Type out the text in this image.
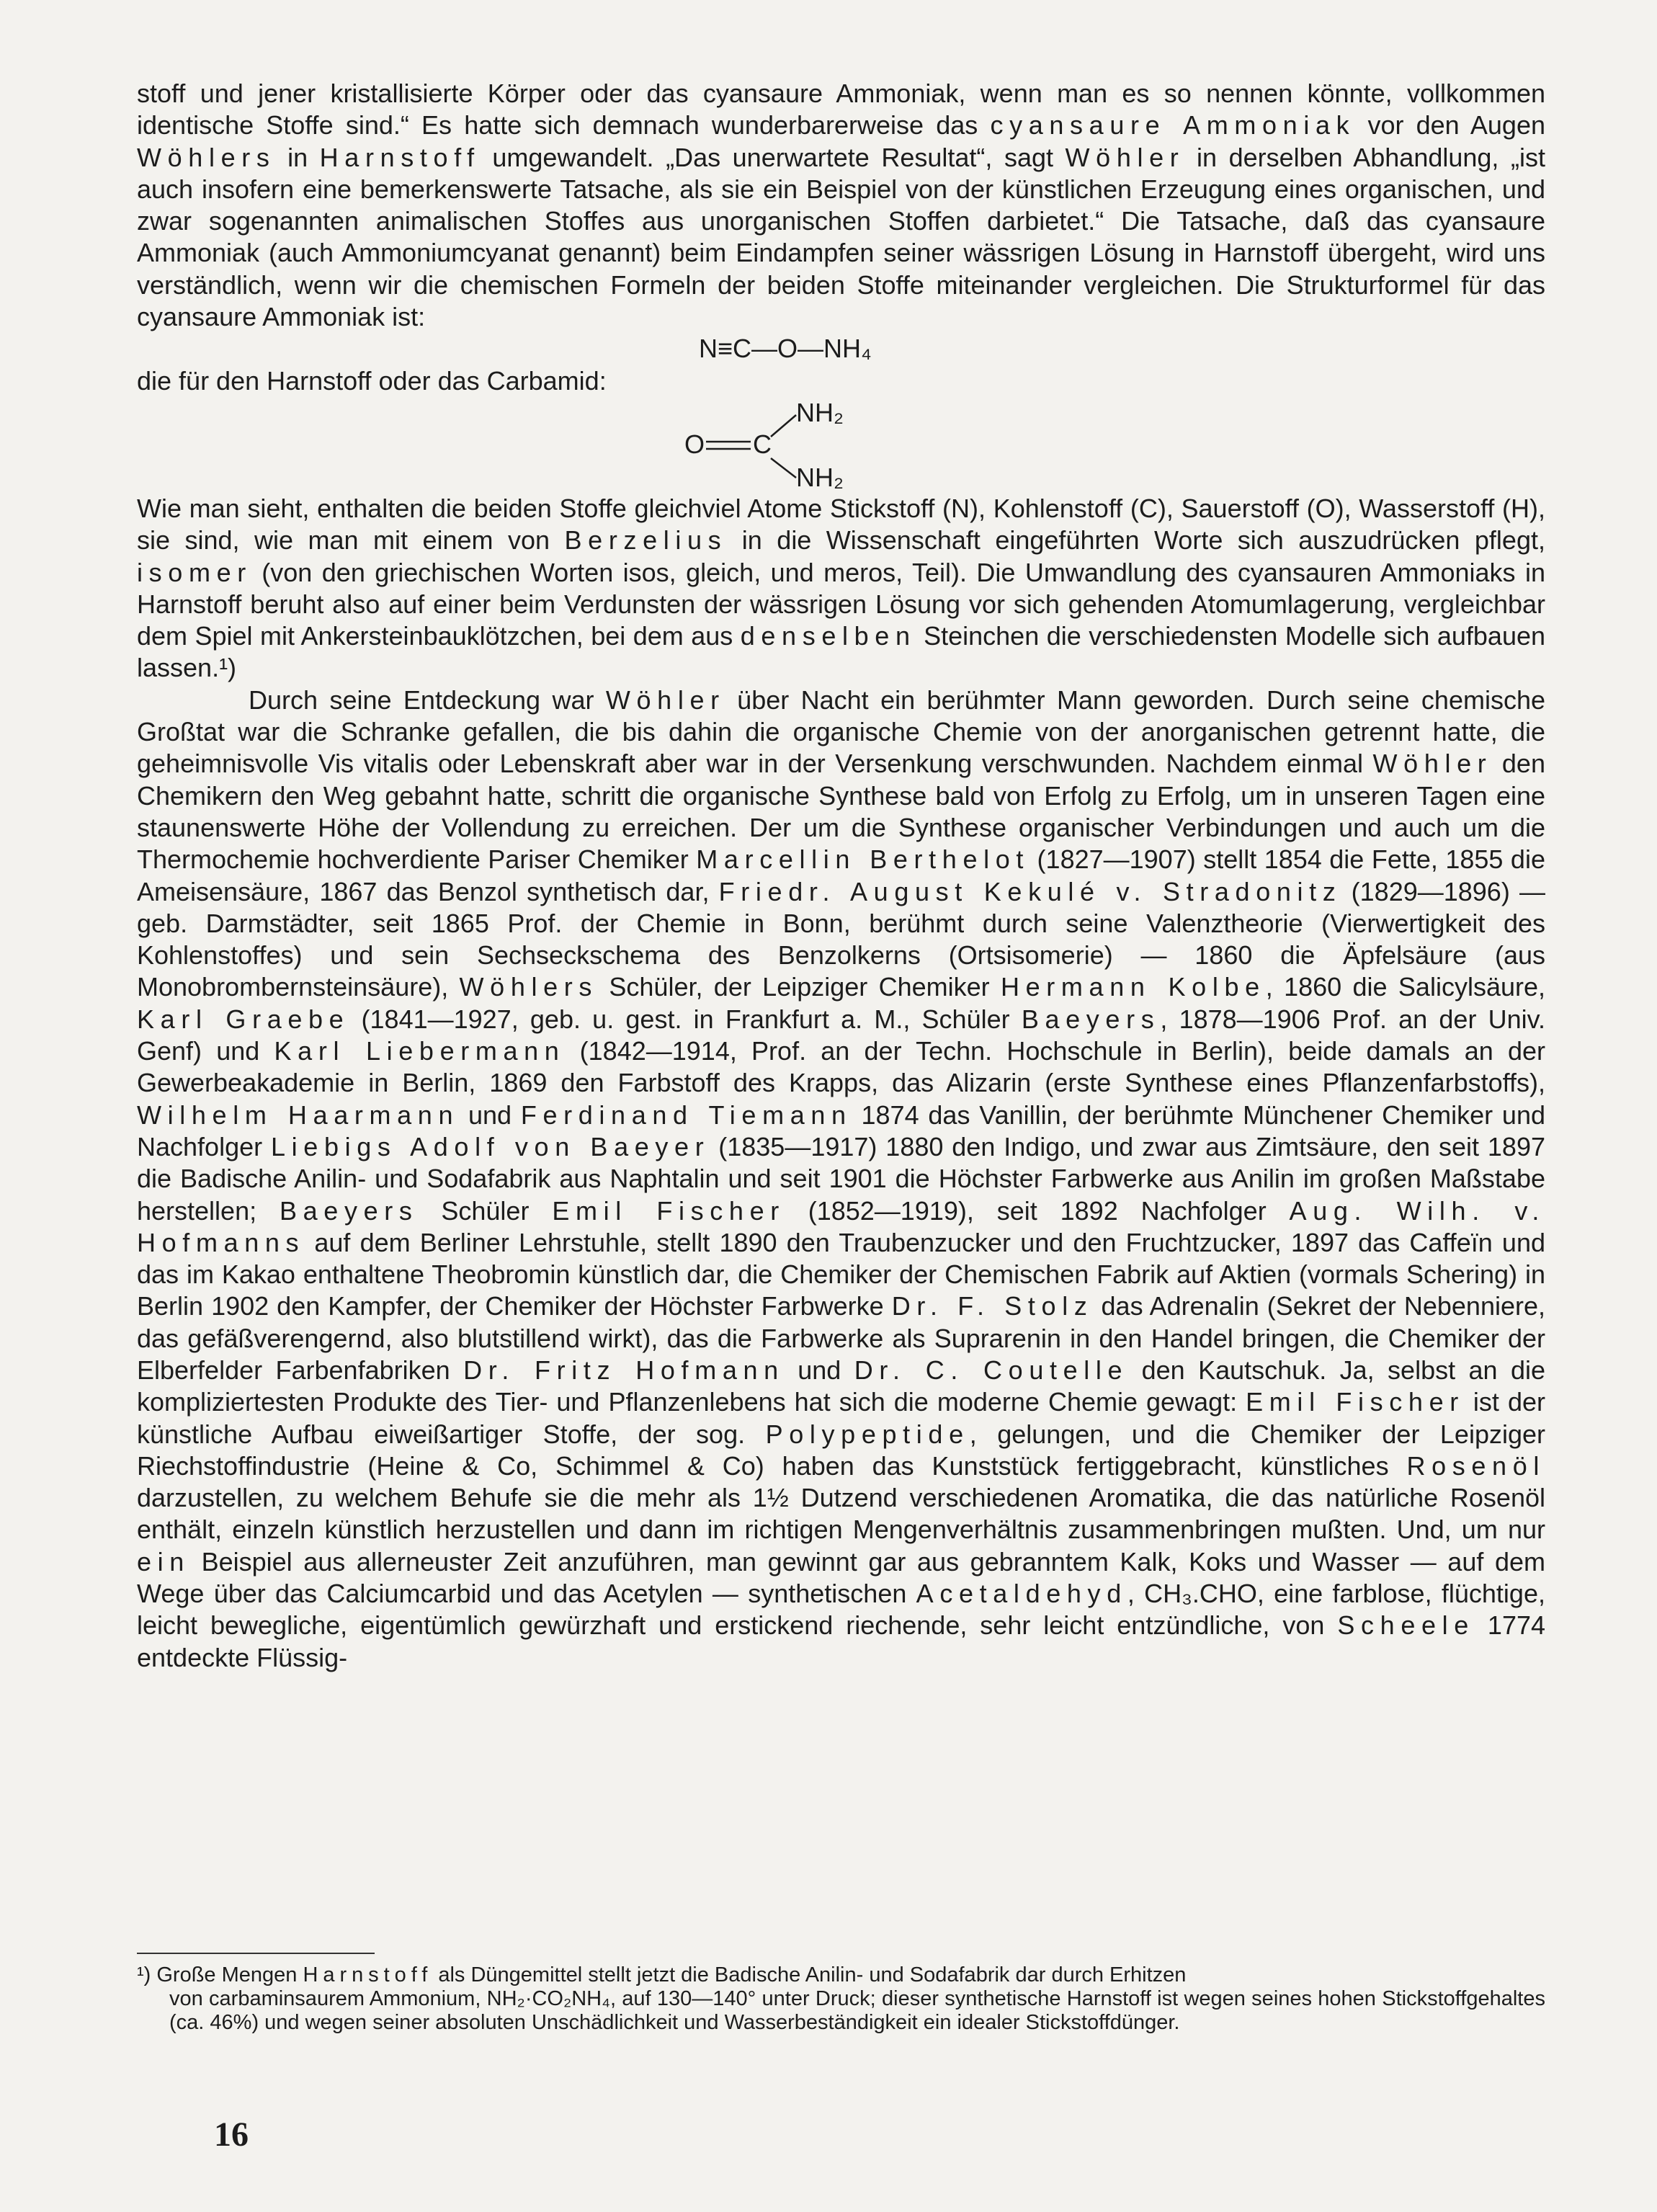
stoff und jener kristallisierte Körper oder das cyansaure Ammoniak, wenn man es so nennen könnte, vollkommen identische Stoffe sind.“ Es hatte sich demnach wunderbarerweise das cyansaure Ammoniak vor den Augen Wöhlers in Harnstoff umgewandelt. „Das unerwartete Resultat“, sagt Wöhler in derselben Abhandlung, „ist auch insofern eine bemerkenswerte Tatsache, als sie ein Beispiel von der künstlichen Erzeugung eines organischen, und zwar sogenannten animalischen Stoffes aus unorganischen Stoffen darbietet.“ Die Tatsache, daß das cyansaure Ammoniak (auch Ammoniumcyanat genannt) beim Eindampfen seiner wässrigen Lösung in Harnstoff übergeht, wird uns verständlich, wenn wir die chemischen Formeln der beiden Stoffe miteinander vergleichen. Die Strukturformel für das cyansaure Ammoniak ist:

N≡C—O—NH₄

die für den Harnstoff oder das Carbamid:

O C
NH₂
NH₂

Wie man sieht, enthalten die beiden Stoffe gleichviel Atome Stickstoff (N), Kohlenstoff (C), Sauerstoff (O), Wasserstoff (H), sie sind, wie man mit einem von Berzelius in die Wissenschaft eingeführten Worte sich auszudrücken pflegt, isomer (von den griechischen Worten isos, gleich, und meros, Teil). Die Umwandlung des cyansauren Ammoniaks in Harnstoff beruht also auf einer beim Verdunsten der wässrigen Lösung vor sich gehenden Atomumlagerung, vergleichbar dem Spiel mit Ankersteinbauklötzchen, bei dem aus denselben Steinchen die verschiedensten Modelle sich aufbauen lassen.¹)

Durch seine Entdeckung war Wöhler über Nacht ein berühmter Mann geworden. Durch seine chemische Großtat war die Schranke gefallen, die bis dahin die organische Chemie von der anorganischen getrennt hatte, die geheimnisvolle Vis vitalis oder Lebenskraft aber war in der Versenkung verschwunden. Nachdem einmal Wöhler den Chemikern den Weg gebahnt hatte, schritt die organische Synthese bald von Erfolg zu Erfolg, um in unseren Tagen eine staunenswerte Höhe der Vollendung zu erreichen. Der um die Synthese organischer Verbindungen und auch um die Thermochemie hochverdiente Pariser Chemiker Marcellin Berthelot (1827—1907) stellt 1854 die Fette, 1855 die Ameisensäure, 1867 das Benzol synthetisch dar, Friedr. August Kekulé v. Stradonitz (1829—1896) — geb. Darmstädter, seit 1865 Prof. der Chemie in Bonn, berühmt durch seine Valenztheorie (Vierwertigkeit des Kohlenstoffes) und sein Sechseckschema des Benzolkerns (Ortsisomerie) — 1860 die Äpfelsäure (aus Monobrombernsteinsäure), Wöhlers Schüler, der Leipziger Chemiker Hermann Kolbe, 1860 die Salicylsäure, Karl Graebe (1841—1927, geb. u. gest. in Frankfurt a. M., Schüler Baeyers, 1878—1906 Prof. an der Univ. Genf) und Karl Liebermann (1842—1914, Prof. an der Techn. Hochschule in Berlin), beide damals an der Gewerbeakademie in Berlin, 1869 den Farbstoff des Krapps, das Alizarin (erste Synthese eines Pflanzenfarbstoffs), Wilhelm Haarmann und Ferdinand Tiemann 1874 das Vanillin, der berühmte Münchener Chemiker und Nachfolger Liebigs Adolf von Baeyer (1835—1917) 1880 den Indigo, und zwar aus Zimtsäure, den seit 1897 die Badische Anilin- und Sodafabrik aus Naphtalin und seit 1901 die Höchster Farbwerke aus Anilin im großen Maßstabe herstellen; Baeyers Schüler Emil Fischer (1852—1919), seit 1892 Nachfolger Aug. Wilh. v. Hofmanns auf dem Berliner Lehrstuhle, stellt 1890 den Traubenzucker und den Fruchtzucker, 1897 das Caffeïn und das im Kakao enthaltene Theobromin künstlich dar, die Chemiker der Chemischen Fabrik auf Aktien (vormals Schering) in Berlin 1902 den Kampfer, der Chemiker der Höchster Farbwerke Dr. F. Stolz das Adrenalin (Sekret der Nebenniere, das gefäßverengernd, also blutstillend wirkt), das die Farbwerke als Suprarenin in den Handel bringen, die Chemiker der Elberfelder Farbenfabriken Dr. Fritz Hofmann und Dr. C. Coutelle den Kautschuk. Ja, selbst an die kompliziertesten Produkte des Tier- und Pflanzenlebens hat sich die moderne Chemie gewagt: Emil Fischer ist der künstliche Aufbau eiweißartiger Stoffe, der sog. Polypeptide, gelungen, und die Chemiker der Leipziger Riechstoffindustrie (Heine & Co, Schimmel & Co) haben das Kunststück fertiggebracht, künstliches Rosenöl darzustellen, zu welchem Behufe sie die mehr als 1½ Dutzend verschiedenen Aromatika, die das natürliche Rosenöl enthält, einzeln künstlich herzustellen und dann im richtigen Mengenverhältnis zusammenbringen mußten. Und, um nur ein Beispiel aus allerneuster Zeit anzuführen, man gewinnt gar aus gebranntem Kalk, Koks und Wasser — auf dem Wege über das Calciumcarbid und das Acetylen — synthetischen Acetaldehyd, CH₃.CHO, eine farblose, flüchtige, leicht bewegliche, eigentümlich gewürzhaft und erstickend riechende, sehr leicht entzündliche, von Scheele 1774 entdeckte Flüssig-

¹) Große Mengen Harnstoff als Düngemittel stellt jetzt die Badische Anilin- und Sodafabrik dar durch Erhitzen
von carbaminsaurem Ammonium, NH₂·CO₂NH₄, auf 130—140° unter Druck; dieser synthetische Harnstoff ist wegen seines hohen Stickstoffgehaltes (ca. 46%) und wegen seiner absoluten Unschädlichkeit und Wasserbeständigkeit ein idealer Stickstoffdünger.
16
